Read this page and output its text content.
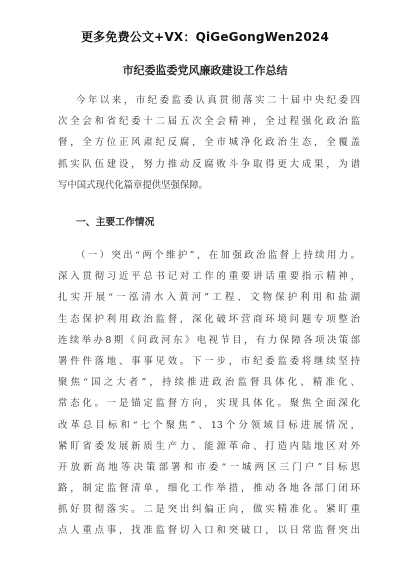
更多免费公文+VX：QiGeGongWen2024
市纪委监委党风廉政建设工作总结
今年以来，市纪委监委认真贯彻落实二十届中央纪委四
次全会和省纪委十二届五次全会精神，全过程强化政治监
督，全方位正风肃纪反腐，全市城净化政治生态，全覆盖
抓实队伍建设，努力推动反腐败斗争取得更大成果，为谱
写中国式现代化篇章提供坚强保障。
一、主要工作情况
（一）突出“两个维护”，在加强政治监督上持续用力。
深入贯彻习近平总书记对工作的重要讲话重要指示精神，
扎实开展“一泓清水入黄河”工程、文物保护利用和盐湖
生态保护利用政治监督，深化破坏营商环境问题专项整治
连续举办8期《问政河东》电视节目，有力保障各项决策部
署件件落地、事事见效。下一步，市纪委监委将继续坚持
聚焦“国之大者”，持续推进政治监督具体化、精准化、
常态化。一是锚定监督方向，实现具体化。聚焦全面深化
改革总目标和“七个聚焦”、13个分领域目标进展情况，
紧盯省委发展新质生产力、能源革命、打造内陆地区对外
开放新高地等决策部署和市委“一城两区三门户”目标思
路，制定监督清单，细化工作举措，推动各地各部门闭环
抓好贯彻落实。二是突出纠偏正向，做实精准化。紧盯重
点人重点事，找准监督切入口和突破口，以日常监督突出
